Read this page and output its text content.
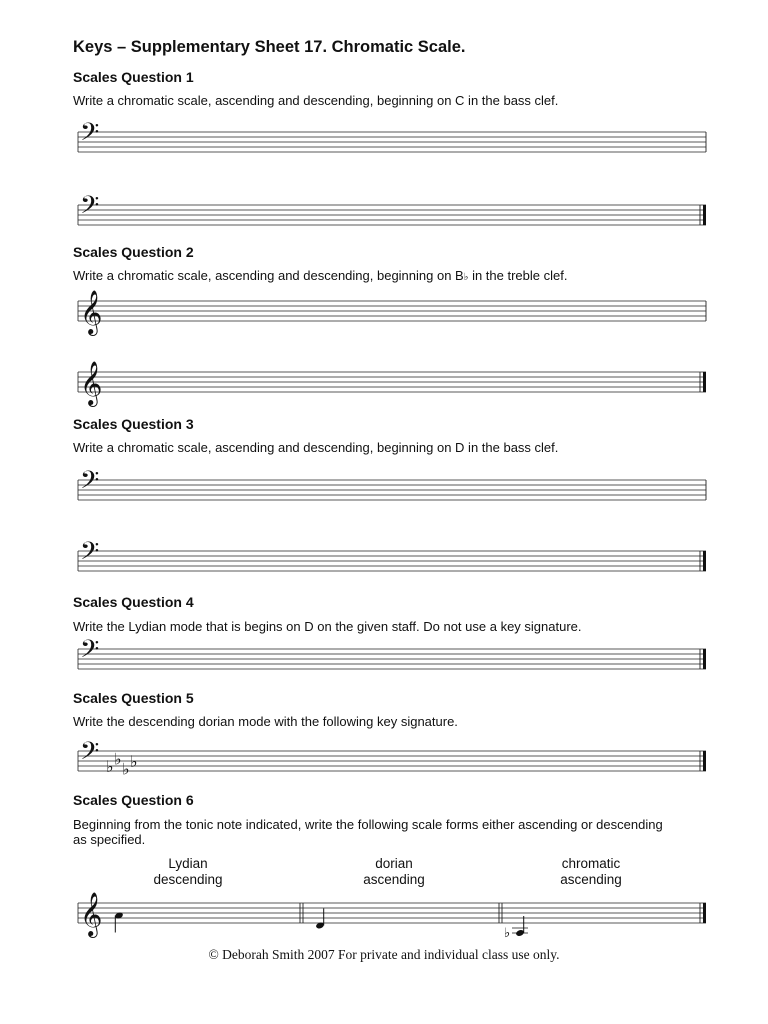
Keys – Supplementary Sheet 17. Chromatic Scale.
Scales Question 1
Write a chromatic scale, ascending and descending, beginning on C in the bass clef.
𝄢
𝄢
Scales Question 2
Write a chromatic scale, ascending and descending, beginning on B♭ in the treble clef.
𝄞
𝄞
Scales Question 3
Write a chromatic scale, ascending and descending, beginning on D in the bass clef.
𝄢
𝄢
Scales Question 4
Write the Lydian mode that is begins on D on the given staff. Do not use a key signature.
𝄢
Scales Question 5
Write the descending dorian mode with the following key signature.
𝄢 ♭ ♭
♭ ♭
Scales Question 6
Beginning from the tonic note indicated, write the following scale forms either ascending or descending as specified.
Lydian
descending
dorian
ascending
chromatic
ascending
𝄞	♭
© Deborah Smith 2007 For private and individual class use only.
